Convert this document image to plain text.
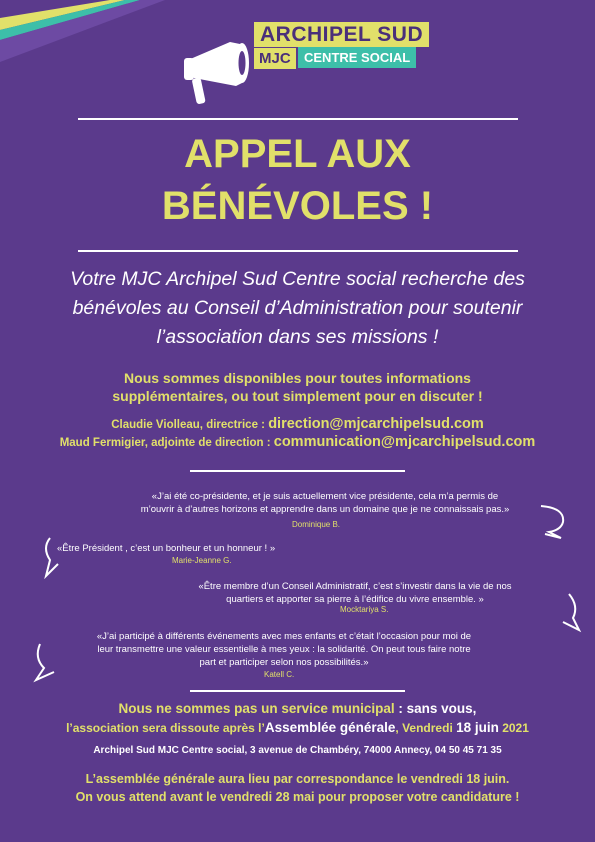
ARCHIPEL SUD
MJC	CENTRE SOCIAL
APPEL AUX
BÉNÉVOLES !
Votre MJC Archipel Sud Centre social recherche des
bénévoles au Conseil d’Administration pour soutenir
l’association dans ses missions !
Nous sommes disponibles pour toutes informations
supplémentaires, ou tout simplement pour en discuter !
Claudie Violleau, directrice : direction@mjcarchipelsud.com
Maud Fermigier, adjointe de direction : communication@mjcarchipelsud.com
«J’ai été co-présidente, et je suis actuellement vice présidente, cela m’a permis de
m’ouvrir à d’autres horizons et apprendre dans un domaine que je ne connaissais pas.»
Dominique B.
«Être Président , c’est un bonheur et un honneur ! »
Marie-Jeanne G.
«Être membre d’un Conseil Administratif, c’est s’investir dans la vie de nos
quartiers et apporter sa pierre à l’édifice du vivre ensemble. »
Mocktariya S.
«J’ai participé à différents événements avec mes enfants et c’était l’occasion pour moi de
leur transmettre une valeur essentielle à mes yeux : la solidarité. On peut tous faire notre
part et participer selon nos possibilités.»
Katell C.
Nous ne sommes pas un service municipal : sans vous,
l’association sera dissoute après l’Assemblée générale, Vendredi 18 juin 2021
Archipel Sud MJC Centre social, 3 avenue de Chambéry, 74000 Annecy, 04 50 45 71 35
L’assemblée générale aura lieu par correspondance le vendredi 18 juin.
On vous attend avant le vendredi 28 mai pour proposer votre candidature !
